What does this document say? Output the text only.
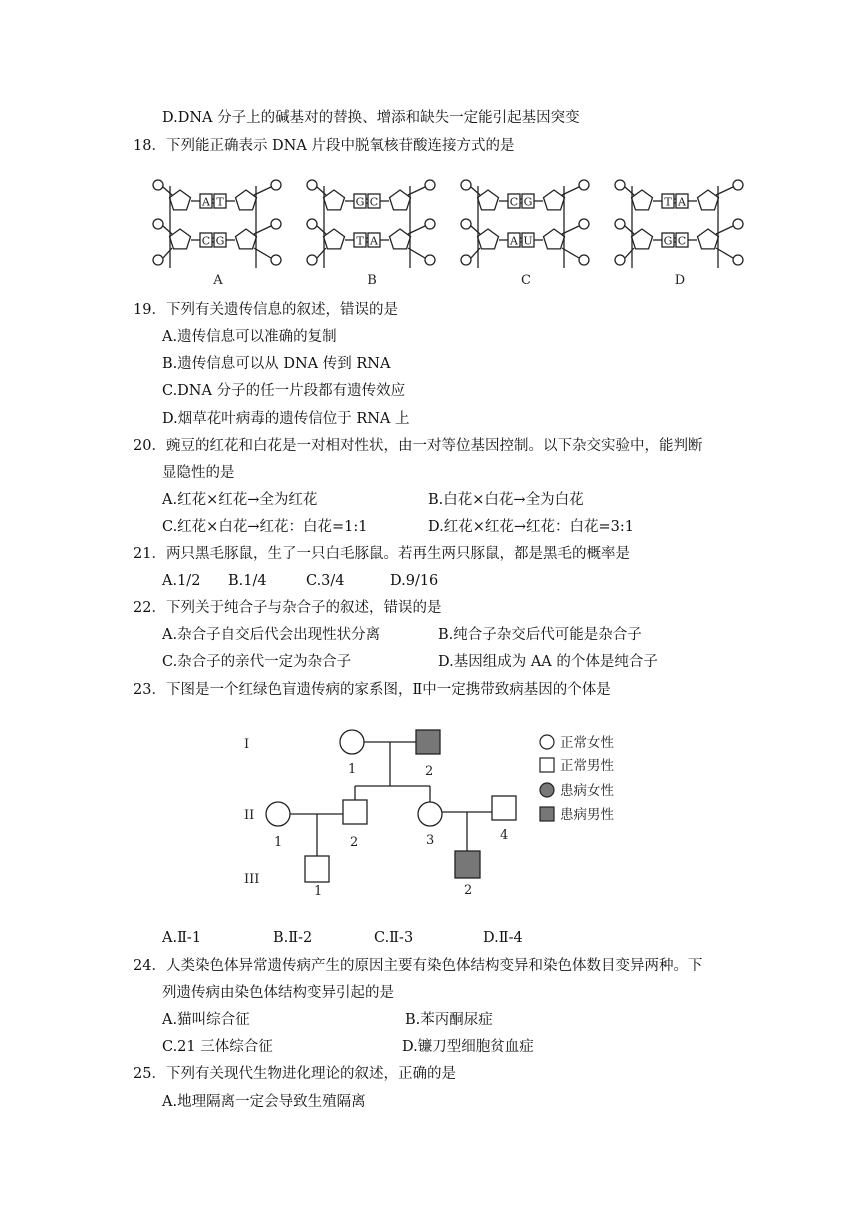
D.DNA 分子上的碱基对的替换、增添和缺失一定能引起基因突变
18．下列能正确表示 DNA 片段中脱氧核苷酸连接方式的是
A T
C G
A
G C
T A
B
C G
A U
C
T A
G C
D
19．下列有关遗传信息的叙述，错误的是
A.遗传信息可以准确的复制
B.遗传信息可以从 DNA 传到 RNA
C.DNA 分子的任一片段都有遗传效应
D.烟草花叶病毒的遗传信位于 RNA 上
20．豌豆的红花和白花是一对相对性状，由一对等位基因控制。以下杂交实验中，能判断
显隐性的是
A.红花×红花→全为红花	B.白花×白花→全为白花
C.红花×白花→红花：白花=1:1	D.红花×红花→红花：白花=3:1
21．两只黑毛豚鼠，生了一只白毛豚鼠。若再生两只豚鼠，都是黑毛的概率是
A.1/2 B.1/4	C.3/4	D.9/16
22．下列关于纯合子与杂合子的叙述，错误的是
A.杂合子自交后代会出现性状分离	B.纯合子杂交后代可能是杂合子
C.杂合子的亲代一定为杂合子	D.基因组成为 AA 的个体是纯合子
23．下图是一个红绿色盲遗传病的家系图，Ⅱ中一定携带致病基因的个体是
I
II
III
1	2
1	2	3	4
1	2
正常女性
正常男性
患病女性
患病男性
A.Ⅱ-1	B.Ⅱ-2	C.Ⅱ-3	D.Ⅱ-4
24．人类染色体异常遗传病产生的原因主要有染色体结构变异和染色体数目变异两种。下
列遗传病由染色体结构变异引起的是
A.猫叫综合征	B.苯丙酮尿症
C.21 三体综合征	D.镰刀型细胞贫血症
25．下列有关现代生物进化理论的叙述，正确的是
A.地理隔离一定会导致生殖隔离
